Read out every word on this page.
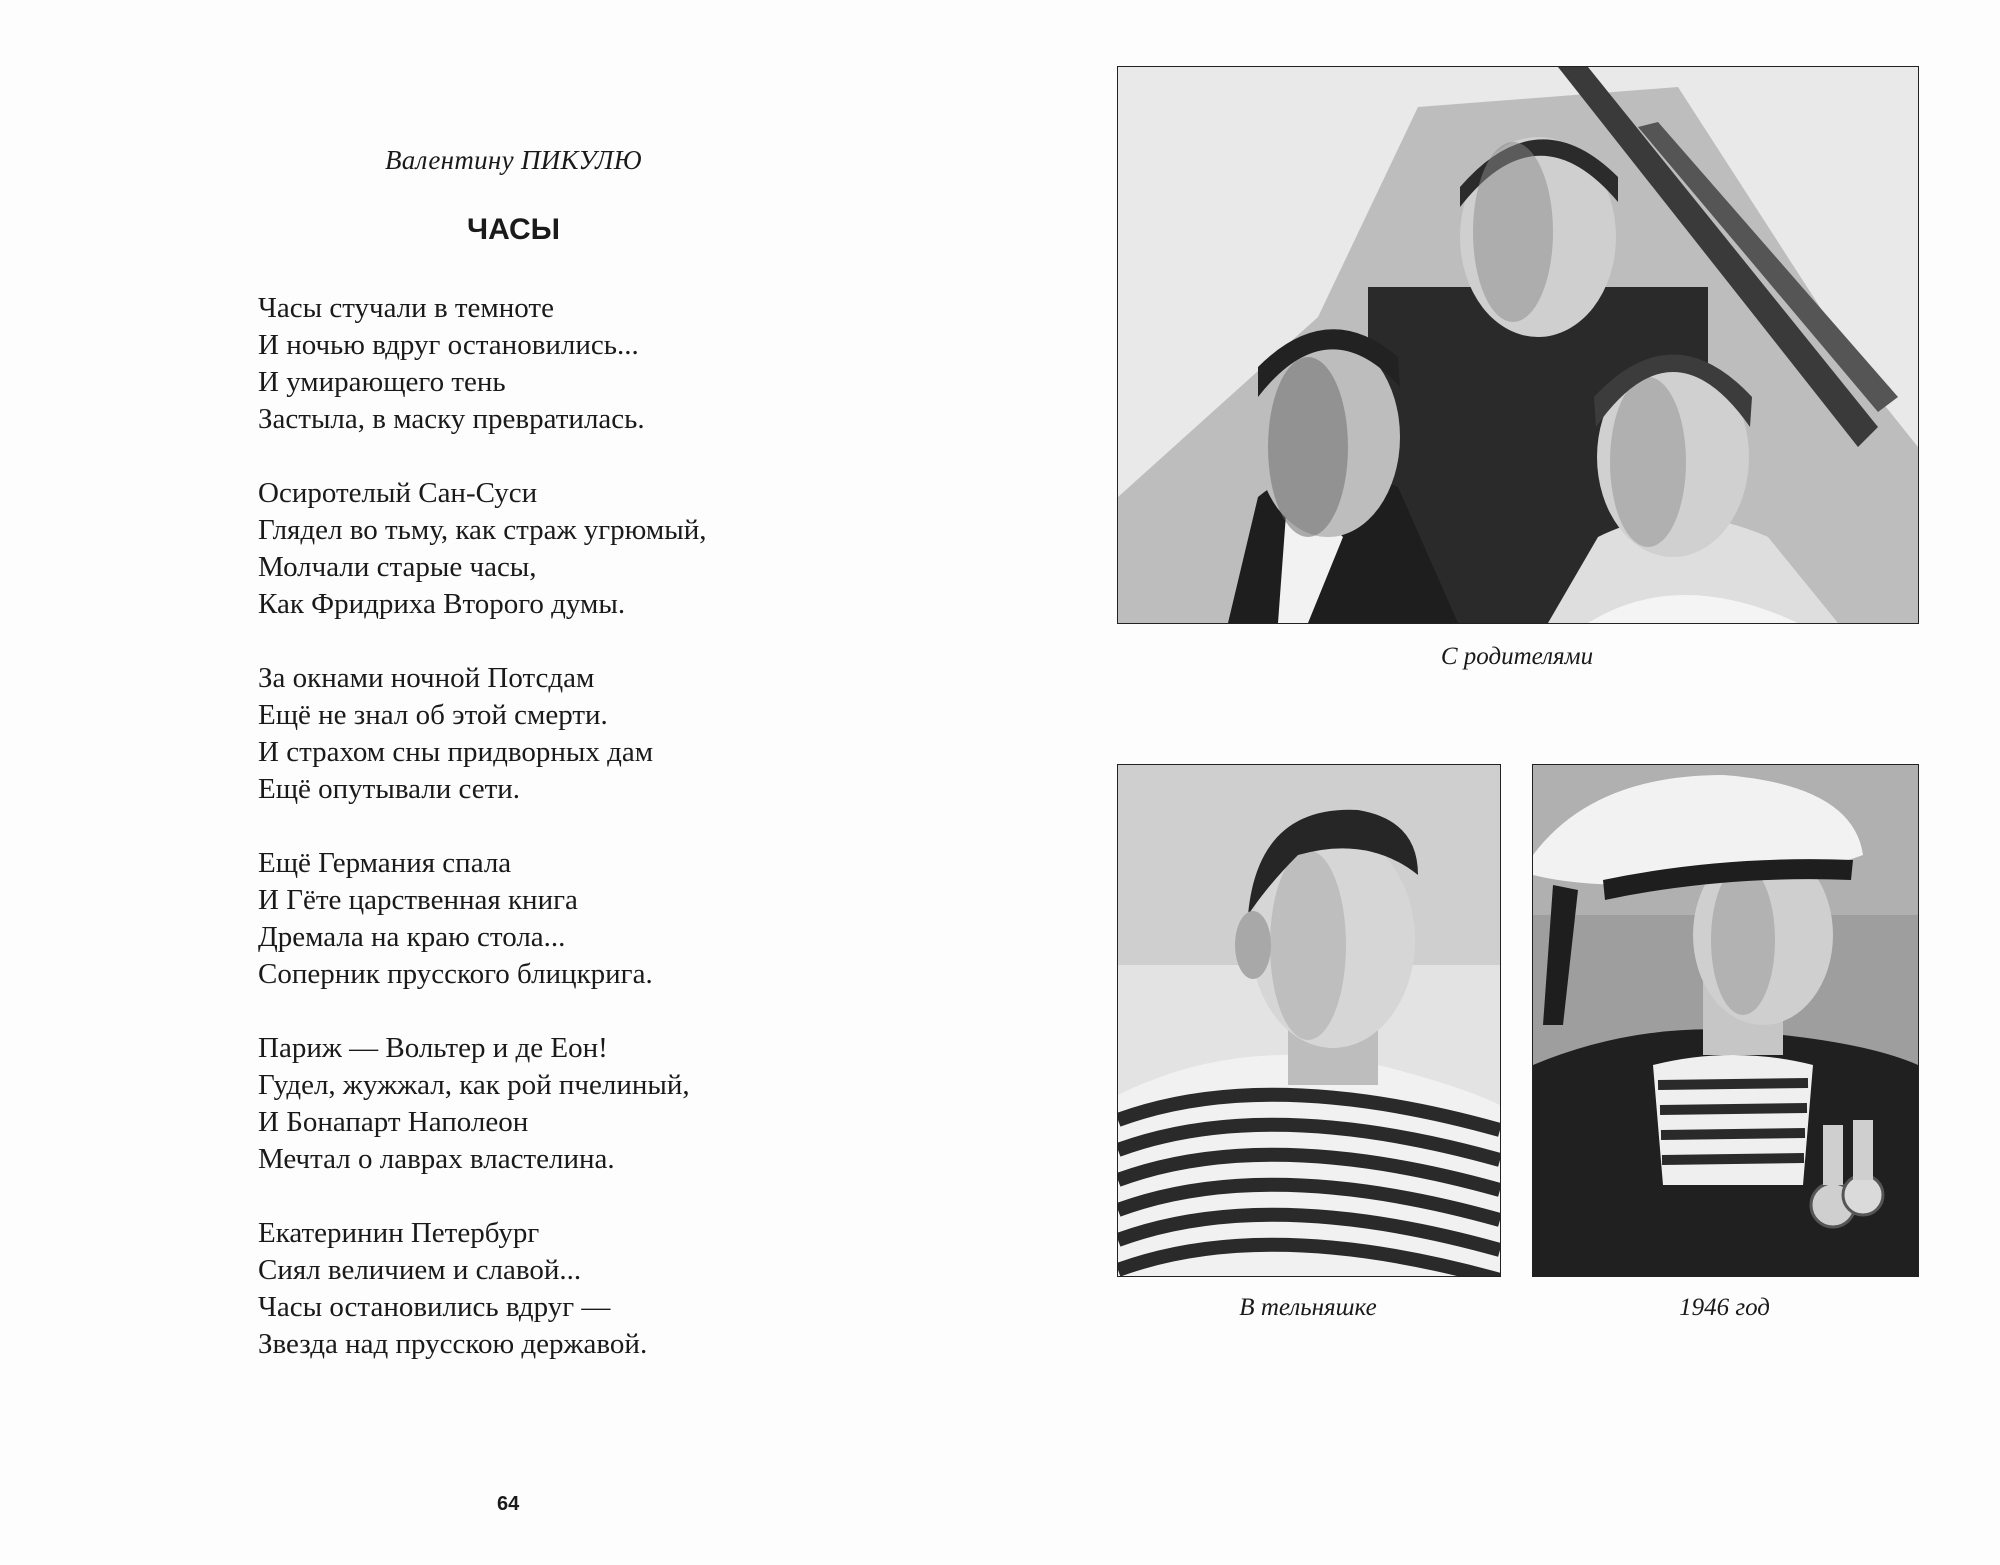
Валентину ПИКУЛЮ
ЧАСЫ
Часы стучали в темноте
И ночью вдруг остановились...
И умирающего тень
Застыла, в маску превратилась.
Осиротелый Сан-Суси
Глядел во тьму, как страж угрюмый,
Молчали старые часы,
Как Фридриха Второго думы.
За окнами ночной Потсдам
Ещё не знал об этой смерти.
И страхом сны придворных дам
Ещё опутывали сети.
Ещё Германия спала
И Гёте царственная книга
Дремала на краю стола...
Соперник прусского блицкрига.
Париж — Вольтер и де Еон!
Гудел, жужжал, как рой пчелиный,
И Бонапарт Наполеон
Мечтал о лаврах властелина.
Екатеринин Петербург
Сиял величием и славой...
Часы остановились вдруг —
Звезда над прусскою державой.
64
С родителями
В тельняшке	1946 год
